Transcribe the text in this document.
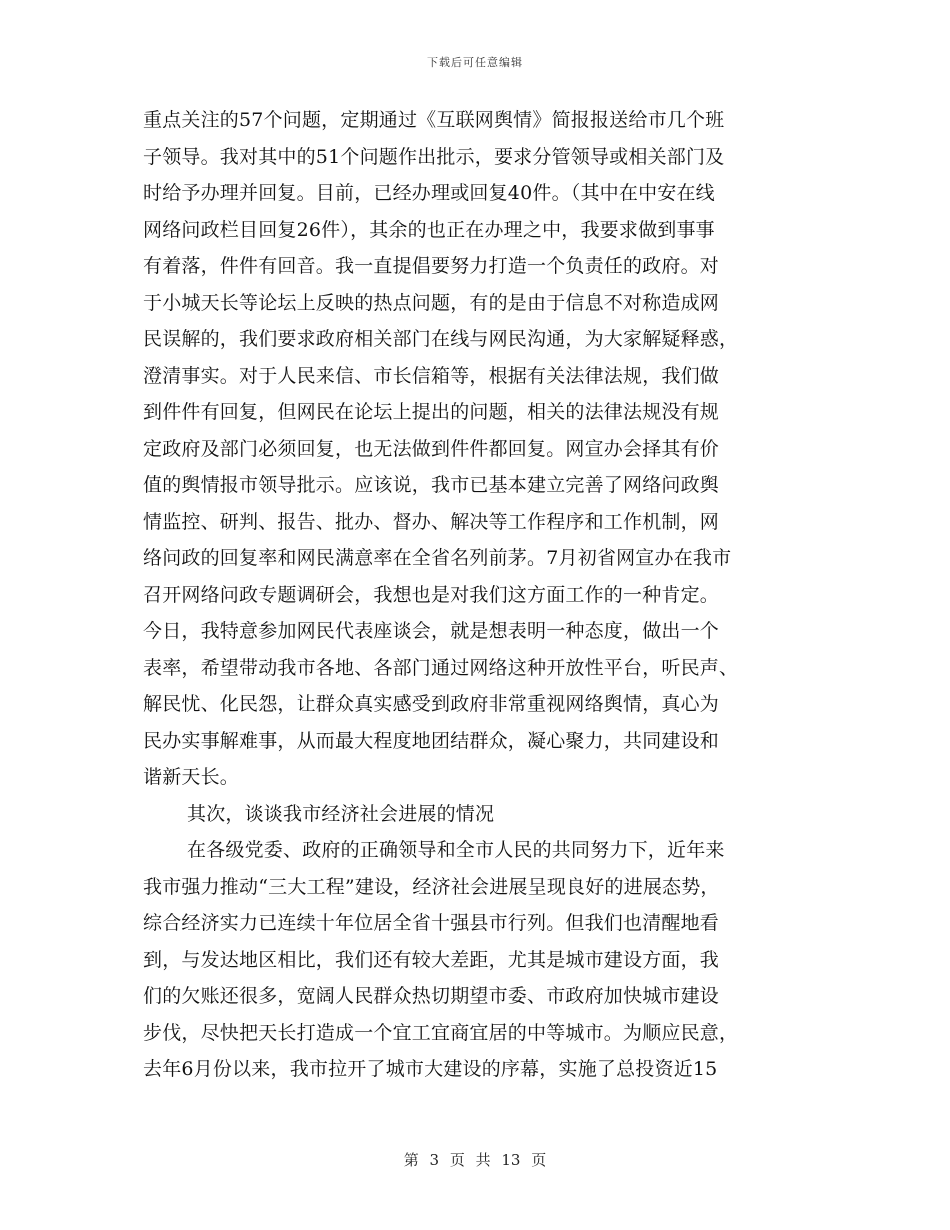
下载后可任意编辑
重点关注的57个问题，定期通过《互联网舆情》简报报送给市几个班
子领导。我对其中的51个问题作出批示，要求分管领导或相关部门及
时给予办理并回复。目前，已经办理或回复40件。（其中在中安在线
网络问政栏目回复26件），其余的也正在办理之中，我要求做到事事
有着落，件件有回音。我一直提倡要努力打造一个负责任的政府。对
于小城天长等论坛上反映的热点问题，有的是由于信息不对称造成网
民误解的，我们要求政府相关部门在线与网民沟通，为大家解疑释惑，
澄清事实。对于人民来信、市长信箱等，根据有关法律法规，我们做
到件件有回复，但网民在论坛上提出的问题，相关的法律法规没有规
定政府及部门必须回复，也无法做到件件都回复。网宣办会择其有价
值的舆情报市领导批示。应该说，我市已基本建立完善了网络问政舆
情监控、研判、报告、批办、督办、解决等工作程序和工作机制，网
络问政的回复率和网民满意率在全省名列前茅。7月初省网宣办在我市
召开网络问政专题调研会，我想也是对我们这方面工作的一种肯定。
今日，我特意参加网民代表座谈会，就是想表明一种态度，做出一个
表率，希望带动我市各地、各部门通过网络这种开放性平台，听民声、
解民忧、化民怨，让群众真实感受到政府非常重视网络舆情，真心为
民办实事解难事，从而最大程度地团结群众，凝心聚力，共同建设和
谐新天长。
其次，谈谈我市经济社会进展的情况
在各级党委、政府的正确领导和全市人民的共同努力下，近年来
我市强力推动“三大工程”建设，经济社会进展呈现良好的进展态势，
综合经济实力已连续十年位居全省十强县市行列。但我们也清醒地看
到，与发达地区相比，我们还有较大差距，尤其是城市建设方面，我
们的欠账还很多，宽阔人民群众热切期望市委、市政府加快城市建设
步伐，尽快把天长打造成一个宜工宜商宜居的中等城市。为顺应民意，
去年6月份以来，我市拉开了城市大建设的序幕，实施了总投资近15
第 3 页 共 13 页
